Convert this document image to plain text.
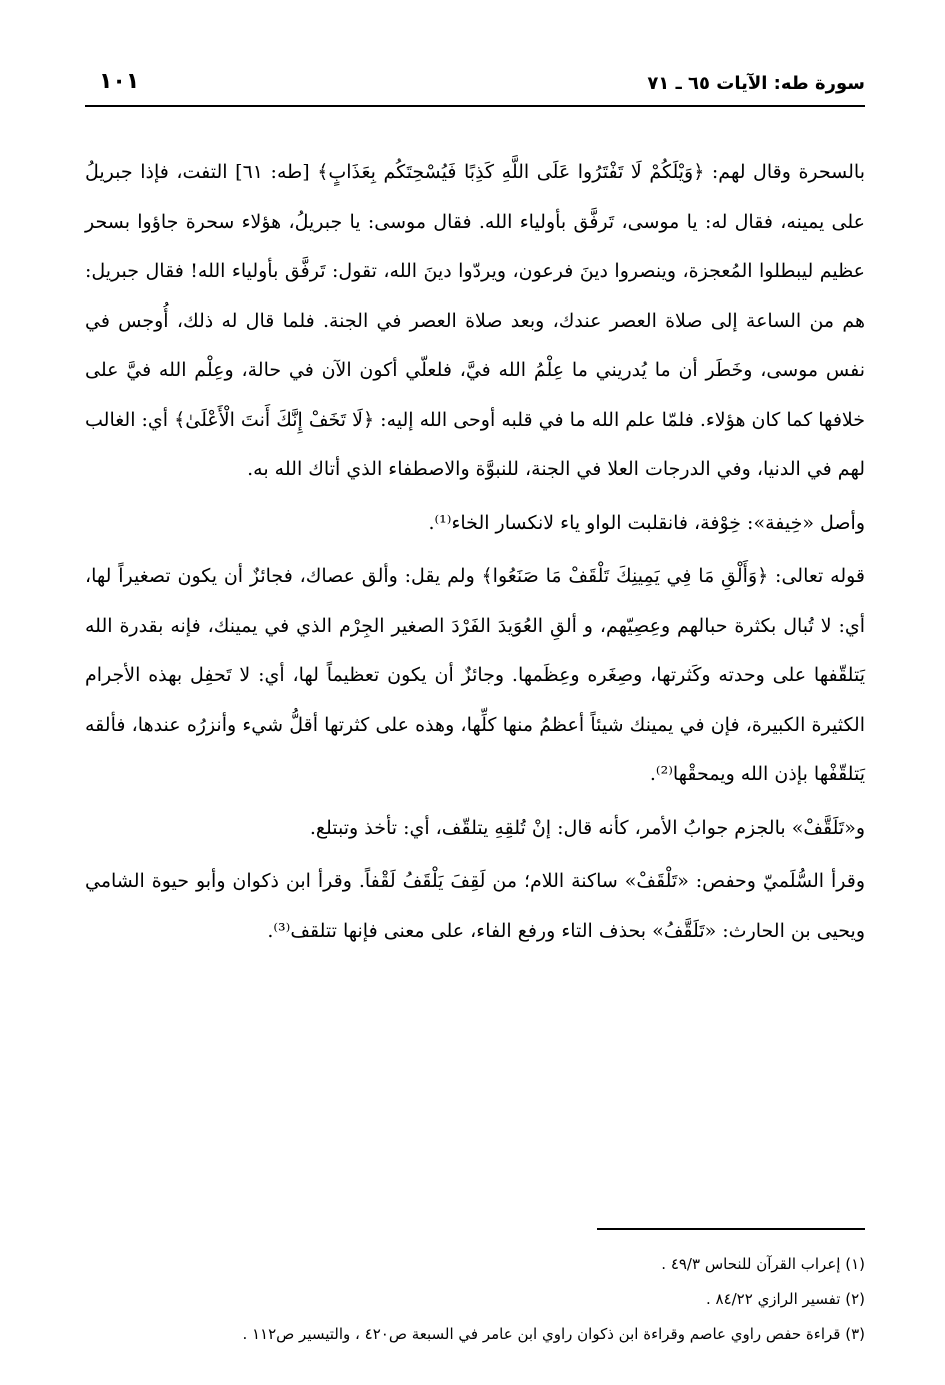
سورة طه: الآيات ٦٥ ـ ٧١
١٠١

بالسحرة وقال لهم: ﴿وَيْلَكُمْ لَا تَفْتَرُوا عَلَى اللَّهِ كَذِبًا فَيُسْحِتَكُم بِعَذَابٍ﴾ [طه: ٦١] التفت، فإذا جبريلُ على يمينه، فقال له: يا موسى، تَرفَّق بأولياء الله. فقال موسى: يا جبريلُ، هؤلاء سحرة جاؤوا بسحر عظيم ليبطلوا المُعجزة، وينصروا دينَ فرعون، ويردّوا دينَ الله، تقول: تَرفَّق بأولياء الله! فقال جبريل: هم من الساعة إلى صلاة العصر عندك، وبعد صلاة العصر في الجنة. فلما قال له ذلك، أُوجس في نفس موسى، وخَطَر أن ما يُدريني ما عِلْمُ الله فيَّ، فلعلّي أكون الآن في حالة، وعِلْم الله فيَّ على خلافها كما كان هؤلاء. فلمّا علم الله ما في قلبه أوحى الله إليه: ﴿لَا تَخَفْ إِنَّكَ أَنتَ الْأَعْلَىٰ﴾ أي: الغالب لهم في الدنيا، وفي الدرجات العلا في الجنة، للنبوَّة والاصطفاء الذي أتاك الله به.

وأصل «خِيفة»: خِوْفة، فانقلبت الواو ياء لانكسار الخاء⁽¹⁾.

قوله تعالى: ﴿وَأَلْقِ مَا فِي يَمِينِكَ تَلْقَفْ مَا صَنَعُوا﴾ ولم يقل: وألق عصاك، فجائزٌ أن يكون تصغيراً لها، أي: لا تُبال بكثرة حبالهم وعِصِيّهم، و ألقِ العُوَيدَ الفَرْدَ الصغير الجِرْم الذي في يمينك، فإنه بقدرة الله يَتلقّفها على وحدته وكَثرتها، وصِغَره وعِظَمها. وجائزٌ أن يكون تعظيماً لها، أي: لا تَحفِل بهذه الأجرام الكثيرة الكبيرة، فإن في يمينك شيئاً أعظمُ منها كلِّها، وهذه على كثرتها أقلُّ شيء وأنزرُه عندها، فألقه يَتلقّفْها بإذن الله ويمحقْها⁽²⁾.

و«تَلَقَّفْ» بالجزم جوابُ الأمر، كأنه قال: إنْ تُلقِهِ يتلقّف، أي: تأخذ وتبتلع.

وقرأ السُّلَميّ وحفص: «تَلْقَفْ» ساكنة اللام؛ من لَقِفَ يَلْقَفُ لَقْفاً. وقرأ ابن ذكوان وأبو حيوة الشامي ويحيى بن الحارث: «تَلَقَّفُ» بحذف التاء ورفع الفاء، على معنى فإنها تتلقف⁽³⁾.

(١) إعراب القرآن للنحاس ٤٩/٣ .

(٢) تفسير الرازي ٨٤/٢٢ .

(٣) قراءة حفص راوي عاصم وقراءة ابن ذكوان راوي ابن عامر في السبعة ص٤٢٠ ، والتيسير ص١١٢ .
